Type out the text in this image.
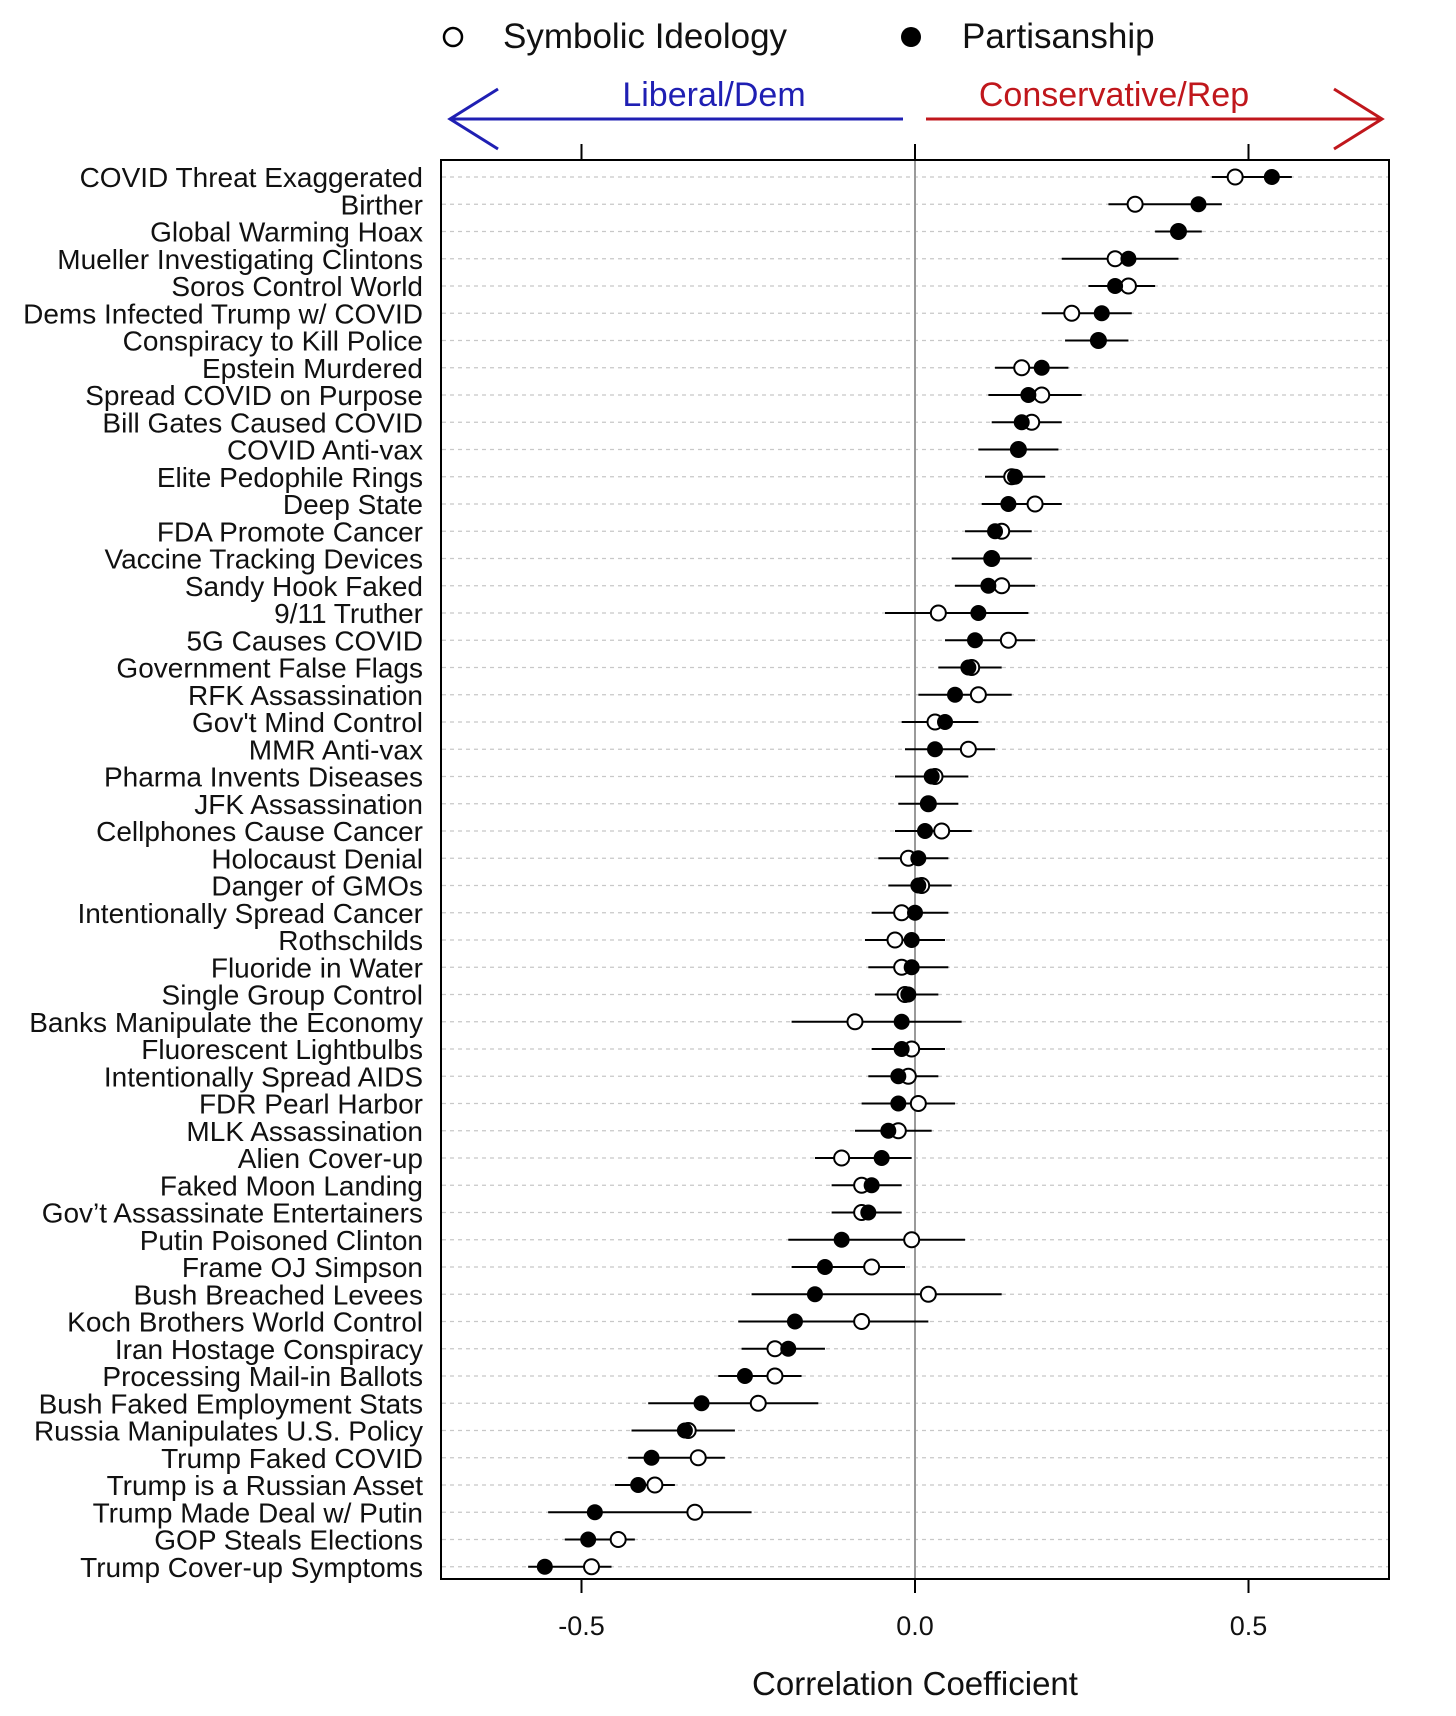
Symbolic Ideology	Partisanship
Liberal/Dem	Conservative/Rep
-0.5	0.0	0.5
COVID Threat Exaggerated
Birther
Global Warming Hoax
Mueller Investigating Clintons
Soros Control World
Dems Infected Trump w/ COVID
Conspiracy to Kill Police
Epstein Murdered
Spread COVID on Purpose
Bill Gates Caused COVID
COVID Anti-vax
Elite Pedophile Rings
Deep State
FDA Promote Cancer
Vaccine Tracking Devices
Sandy Hook Faked
9/11 Truther
5G Causes COVID
Government False Flags
RFK Assassination
Gov't Mind Control
MMR Anti-vax
Pharma Invents Diseases
JFK Assassination
Cellphones Cause Cancer
Holocaust Denial
Danger of GMOs
Intentionally Spread Cancer
Rothschilds
Fluoride in Water
Single Group Control
Banks Manipulate the Economy
Fluorescent Lightbulbs
Intentionally Spread AIDS
FDR Pearl Harbor
MLK Assassination
Alien Cover-up
Faked Moon Landing
Gov’t Assassinate Entertainers
Putin Poisoned Clinton
Frame OJ Simpson
Bush Breached Levees
Koch Brothers World Control
Iran Hostage Conspiracy
Processing Mail-in Ballots
Bush Faked Employment Stats
Russia Manipulates U.S. Policy
Trump Faked COVID
Trump is a Russian Asset
Trump Made Deal w/ Putin
GOP Steals Elections
Trump Cover-up Symptoms
Correlation Coefficient
